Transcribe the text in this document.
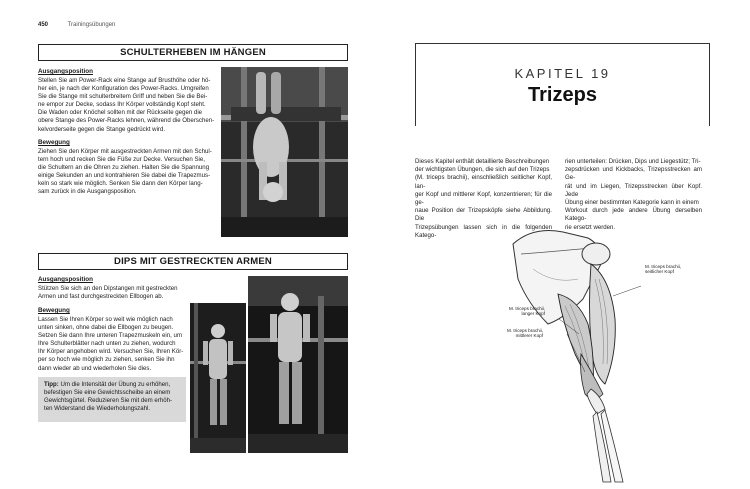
450	Trainingsübungen
SCHULTERHEBEN IM HÄNGEN
Ausgangsposition
Stellen Sie am Power-Rack eine Stange auf Brusthöhe oder hö-
her ein, je nach der Konfiguration des Power-Racks. Umgreifen
Sie die Stange mit schulterbreitem Griff und heben Sie die Bei-
ne empor zur Decke, sodass Ihr Körper vollständig Kopf steht.
Die Waden oder Knöchel sollten mit der Rückseite gegen die
obere Stange des Power-Racks lehnen, während die Oberschen-
kelvorderseite gegen die Stange gedrückt wird.
Bewegung
Ziehen Sie den Körper mit ausgestreckten Armen mit den Schul-
tern hoch und recken Sie die Füße zur Decke. Versuchen Sie,
die Schultern an die Ohren zu ziehen. Halten Sie die Spannung
einige Sekunden an und kontrahieren Sie dabei die Trapezmus-
keln so stark wie möglich. Senken Sie dann den Körper lang-
sam zurück in die Ausgangsposition.
DIPS MIT GESTRECKTEN ARMEN
Ausgangsposition
Stützen Sie sich an den Dipstangen mit gestreckten
Armen und fast durchgestreckten Ellbogen ab.
Bewegung
Lassen Sie Ihren Körper so weit wie möglich nach
unten sinken, ohne dabei die Ellbogen zu beugen.
Setzen Sie dann Ihre unteren Trapezmuskeln ein, um
Ihre Schulterblätter nach unten zu ziehen, wodurch
Ihr Körper angehoben wird. Versuchen Sie, Ihren Kör-
per so hoch wie möglich zu ziehen, senken Sie ihn
dann wieder ab und wiederholen Sie dies.
Tipp: Um die Intensität der Übung zu erhöhen,
befestigen Sie eine Gewichtsscheibe an einem
Gewichtsgürtel. Reduzieren Sie mit dem erhöh-
ten Widerstand die Wiederholungszahl.
KAPITEL 19
Trizeps
Dieses Kapitel enthält detaillierte Beschreibungen
der wichtigsten Übungen, die sich auf den Trizeps
(M. triceps brachii), einschließlich seitlicher Kopf, lan-
ger Kopf und mittlerer Kopf, konzentrieren; für die ge-
naue Position der Trizepsköpfe siehe Abbildung. Die
Trizepsübungen lassen sich in die folgenden Katego-
rien unterteilen: Drücken, Dips und Liegestütz; Tri-
zepsdrücken und Kickbacks, Trizepsstrecken am Ge-
rät und im Liegen, Trizepsstrecken über Kopf. Jede
Übung einer bestimmten Kategorie kann in einem
Workout durch jede andere Übung derselben Katego-
rie ersetzt werden.
M. triceps brachii,
seitlicher Kopf
M. triceps brachii,
langer Kopf
M. triceps brachii,
mittlerer Kopf
